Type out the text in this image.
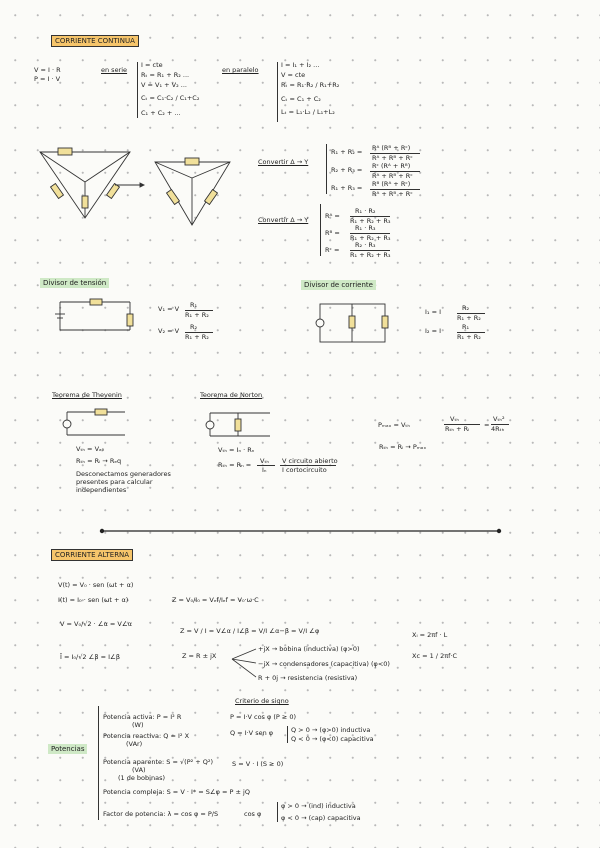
CORRIENTE CONTINUA
V = I · R
P = I · V
en serie
I = cte
Rₜ = R₁ + R₂ ...
V = V₁ + V₂ ...
Cₜ = C₁·C₂ / C₁+C₂
C₁ + C₂ + ...
en paralelo
I = I₁ + I₂ ...
V = cte
Rₜ = R₁·R₂ / R₁+R₂
Cₜ = C₁ + C₂
Lₜ = L₁·L₂ / L₁+L₂
Convertir Δ → Y
R₁ + R₂ = Rᴬ (Rᴮ + Rᶜ)
Rᴬ + Rᴮ + Rᶜ
R₂ + R₃ = Rᶜ (Rᴬ + Rᴮ)
Rᴬ + Rᴮ + Rᶜ
R₁ + R₃ = Rᴮ (Rᴬ + Rᶜ)
Rᴬ + Rᴮ + Rᶜ
Convertir Δ → Y	Rᴬ =
R₁ · R₂
R₁ + R₂ + R₃
Rᴮ =
R₁ · R₃
R₁ + R₂ + R₃
Rᶜ =
R₂ · R₃
R₁ + R₂ + R₃
Divisor de tensión
V₁ = V R₁
R₁ + R₂
V₂ = V R₂
R₁ + R₂
Divisor de corriente
I₁ = I	R₂
R₁ + R₂
I₂ = I	R₁
R₁ + R₂
Teorema de Thevenin
Vₜₕ = Vₐᵦ
Rₜₕ = Rₗ → Rₑq
Desconectamos generadores
presentes para calcular
independientes
Teorema de Norton
Vₜₕ = Iₙ · Rₙ
Rₜₕ = Rₙ = Vₜₕ
Iₙ
V circuito abierto
I cortocircuito
Pₘₐₓ = Vₜₕ
Vₜₕ
Rₜₕ + Rₗ =
Vₜₕ²
4Rₜₕ
Rₜₕ = Rₗ → Pₘₐₓ
CORRIENTE ALTERNA
V(t) = V₀ · sen (ωt + α)
I(t) = I₀ · sen (ωt + α)	Z = V₀/I₀ = Vₑf/Iₑf = V₀·ω·C
V = V₀/√2 · ∠α = V∠α
Ī = I₀/√2 ∠β = I∠β
Z = V / I = V∠α / I∠β = V/I ∠α−β = V/I ∠φ	Xₗ = 2πf · L
Xc = 1 / 2πf·C
Z = R ± jX
+jX → bobina (inductiva) (φ>0)
−jX → condensadores (capacitiva) (φ<0)
R + 0j → resistencia (resistiva)
Potencias
Criterio de signo
Potencia activa: P = I² R
(W)
P = I·V cos φ (P ≥ 0)
Potencia reactiva: Q = I² X
(VAr)
Q = I·V sen φ	Q > 0 → (φ>0) inductiva
Q < 0 → (φ<0) capacitiva
Potencia aparente: S = √(P² + Q²)
(VA)
(1 de bobinas)
S = V · I (S ≥ 0)
Potencia compleja: S = V · I* = S∠φ = P ± jQ
Factor de potencia: λ = cos φ = P/S	cos φ
φ > 0 → (ind) inductiva
φ < 0 → (cap) capacitiva
